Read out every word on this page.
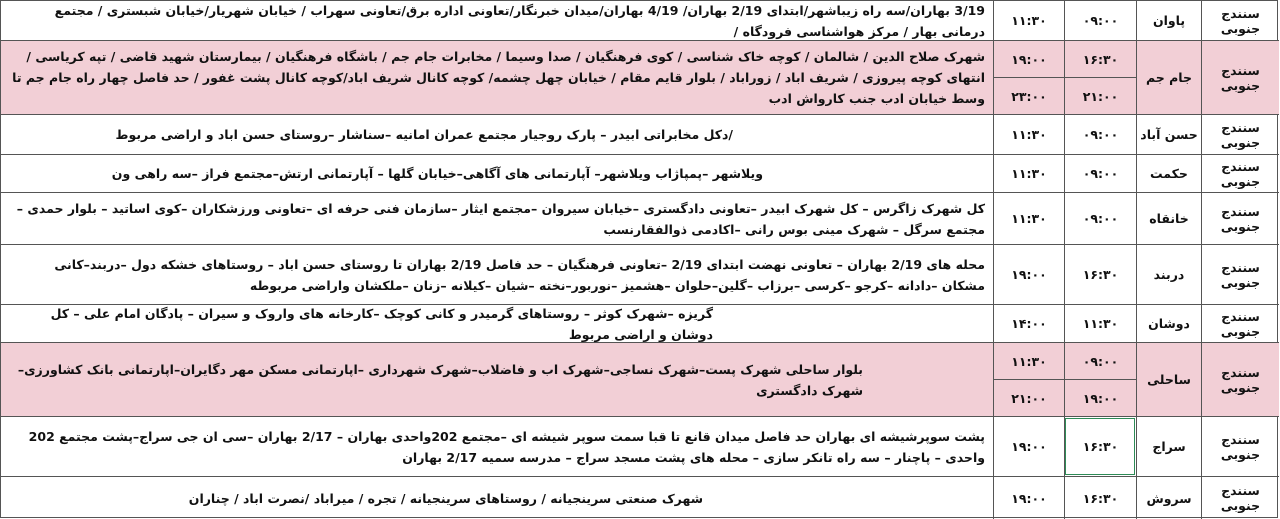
سنندج جنوبی
پاوان
۰۹:۰۰
۱۱:۳۰
3/19 بهاران/سه راه زیباشهر/ابتدای 2/19 بهاران/ 4/19 بهاران/میدان خبرنگار/تعاونی اداره برق/تعاونی سهراب / خیابان شهریار/خیابان شبستری / مجتمع درمانی بهار / مرکز هواشناسی فرودگاه /
سنندج جنوبی
جام جم
۱۶:۳۰
۲۱:۰۰
۱۹:۰۰
۲۳:۰۰
شهرک صلاح الدین / شالمان / کوچه خاک شناسی / کوی فرهنگیان / صدا وسیما / مخابرات جام جم / باشگاه فرهنگیان / بیمارستان شهید قاضی / تپه کریاسی / انتهای کوچه پیروزی / شریف اباد / زوراباد / بلوار قایم مقام / خیابان چهل چشمه/ کوچه کانال شریف اباد/کوچه کانال پشت غفور / حد فاصل چهار راه جام جم تا وسط خیابان ادب جنب کارواش ادب
سنندج جنوبی
حسن آباد
۰۹:۰۰
۱۱:۳۰
/دکل مخابراتی ابیدر – پارک روجیار مجتمع عمران امانیه –سناشار –روستای حسن اباد و اراضی مربوط
سنندج جنوبی
حکمت
۰۹:۰۰
۱۱:۳۰
ویلاشهر –پمپاژاب ویلاشهر– آپارتمانی های آگاهی–خیابان گلها – آپارتمانی ارتش–مجتمع فراز –سه راهی ون
سنندج جنوبی
خانقاه
۰۹:۰۰
۱۱:۳۰
کل شهرک زاگرس – کل شهرک ابیدر –تعاونی دادگستری –خیابان سیروان –مجتمع ایثار –سازمان فنی حرفه ای –تعاونی ورزشکاران –کوی اساتید – بلوار حمدی – مجتمع سرگل – شهرک مینی بوس رانی –اکادمی ذوالفقارنسب
سنندج جنوبی
دربند
۱۶:۳۰
۱۹:۰۰
محله های 2/19 بهاران – تعاونی نهضت ابتدای 2/19 –تعاونی فرهنگیان – حد فاصل 2/19 بهاران تا روستای حسن اباد – روستاهای خشکه دول –دربند–کانی مشکان –دادانه –کرجو –کرسی –برزاب –گلین–حلوان –هشمیز –نوربور–نخته –شیان –کیلانه –زنان –ملکشان واراضی مربوطه
سنندج جنوبی
دوشان
۱۱:۳۰
۱۴:۰۰
گریزه –شهرک کوثر – روستاهای گرمیدر و کانی کوچک –کارخانه های واروک و سیران – پادگان امام علی – کل دوشان و اراضی مربوط
سنندج جنوبی
ساحلی
۰۹:۰۰
۱۹:۰۰
۱۱:۳۰
۲۱:۰۰
بلوار ساحلی شهرک پست–شهرک نساجی–شهرک اب و فاضلاب–شهرک شهرداری –اپارتمانی مسکن مهر دگایران–اپارتمانی بانک کشاورزی–شهرک دادگستری
سنندج جنوبی
سراج
۱۶:۳۰
۱۹:۰۰
پشت سوپرشیشه ای بهاران حد فاصل میدان قانع تا قبا سمت سوپر شیشه ای –مجتمع 202واحدی بهاران – 2/17 بهاران –سی ان جی سراج–پشت مجتمع 202 واحدی – پاچنار – سه راه تانکر سازی – محله های پشت مسجد سراج – مدرسه سمیه 2/17 بهاران
سنندج جنوبی
سروش
۱۶:۳۰
۱۹:۰۰
شهرک صنعتی سرینجیانه / روستاهای سرینجیانه / تجره / میراباد /نصرت اباد / چناران
